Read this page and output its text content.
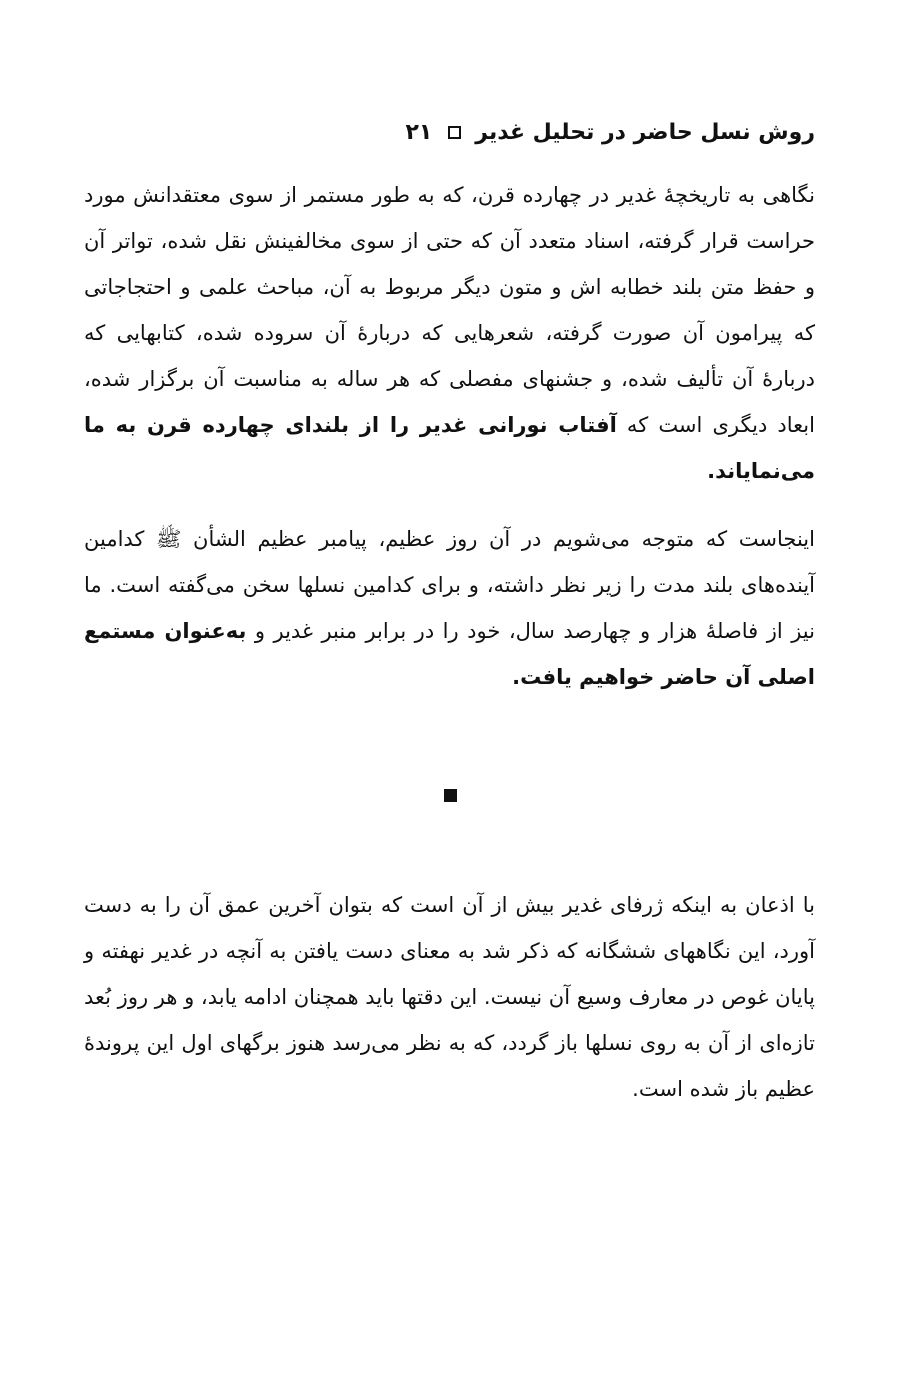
روش نسل حاضر در تحلیل غدیر
۲۱
نگاهی به تاریخچهٔ غدیر در چهارده قرن، که به طور مستمر از سوی معتقدانش مورد حراست قرار گرفته، اسناد متعدد آن که حتی از سوی مخالفینش نقل شده، تواتر آن و حفظ متن بلند خطابه اش و متون دیگر مربوط به آن، مباحث علمی و احتجاجاتی که پیرامون آن صورت گرفته، شعرهایی که دربارهٔ آن سروده شده، کتابهایی که دربارهٔ آن تألیف شده، و جشنهای مفصلی که هر ساله به مناسبت آن برگزار شده، ابعاد دیگری است که آفتاب نورانی غدیر را از بلندای چهارده قرن به ما می‌نمایاند.
اینجاست که متوجه می‌شویم در آن روز عظیم، پیامبر عظیم الشأن ﷺ کدامین آینده‌های بلند مدت را زیر نظر داشته، و برای کدامین نسلها سخن می‌گفته است. ما نیز از فاصلهٔ هزار و چهارصد سال، خود را در برابر منبر غدیر و به‌عنوان مستمع اصلی آن حاضر خواهیم یافت.
با اذعان به اینکه ژرفای غدیر بیش از آن است که بتوان آخرین عمق آن را به دست آورد، این نگاههای ششگانه که ذکر شد به معنای دست یافتن به آنچه در غدیر نهفته و پایان غوص در معارف وسیع آن نیست. این دقتها باید همچنان ادامه یابد، و هر روز بُعد تازه‌ای از آن به روی نسلها باز گردد، که به نظر می‌رسد هنوز برگهای اول این پروندهٔ عظیم باز شده است.
